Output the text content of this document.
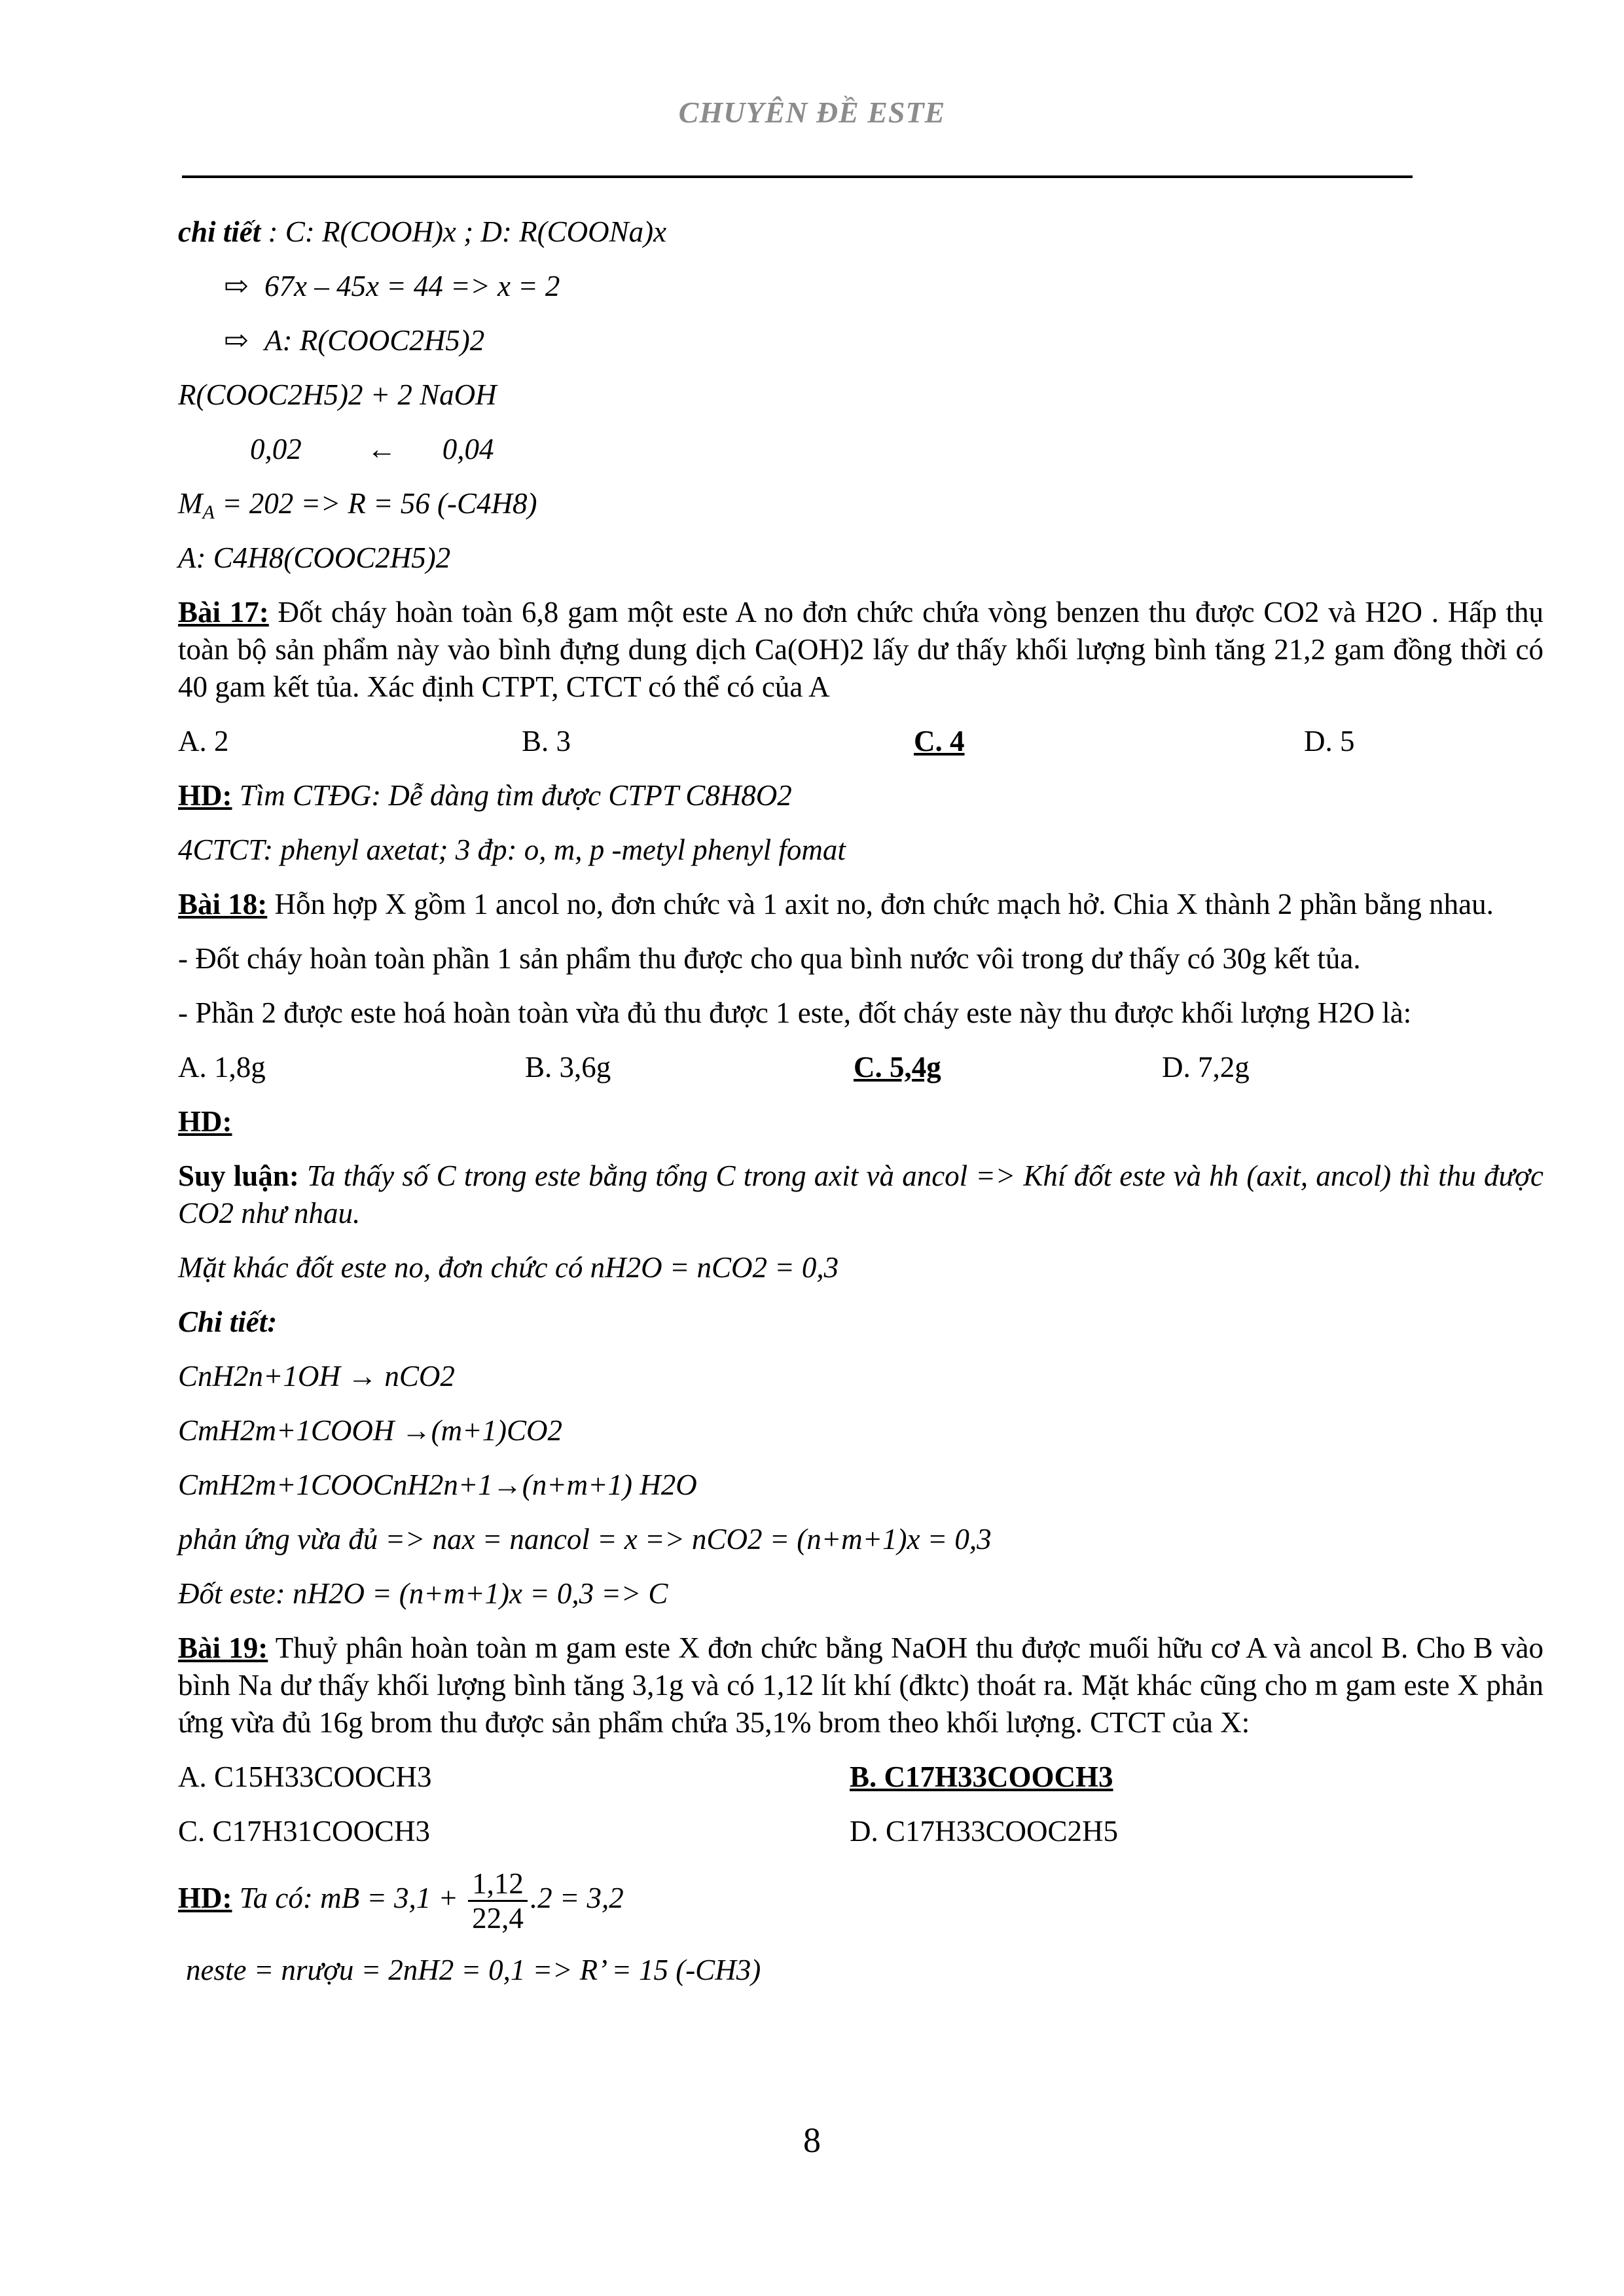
CHUYÊN ĐỀ ESTE
chi tiết : C: R(COOH)x ; D: R(COONa)x
⇨ 67x – 45x = 44 => x = 2
⇨ A: R(COOC2H5)2
R(COOC2H5)2 + 2 NaOH
0,02 ← 0,04
$M_A = 202 => R = 56$ (-C4H8)
A: C4H8(COOC2H5)2
Bài 17: Đốt cháy hoàn toàn 6,8 gam một este A no đơn chức chứa vòng benzen thu được CO2 và H2O . Hấp thụ toàn bộ sản phẩm này vào bình đựng dung dịch Ca(OH)2 lấy dư thấy khối lượng bình tăng 21,2 gam đồng thời có 40 gam kết tủa. Xác định CTPT, CTCT có thể có của A
A. 2	B. 3	C. 4	D. 5
HD: Tìm CTĐG: Dễ dàng tìm được CTPT C8H8O2
4CTCT: phenyl axetat; 3 đp: o, m, p -metyl phenyl fomat
Bài 18: Hỗn hợp X gồm 1 ancol no, đơn chức và 1 axit no, đơn chức mạch hở. Chia X thành 2 phần bằng nhau.
- Đốt cháy hoàn toàn phần 1 sản phẩm thu được cho qua bình nước vôi trong dư thấy có 30g kết tủa.
- Phần 2 được este hoá hoàn toàn vừa đủ thu được 1 este, đốt cháy este này thu được khối lượng H2O là:
A. 1,8g	B. 3,6g	C. 5,4g	D. 7,2g
HD:
Suy luận: Ta thấy số C trong este bằng tổng C trong axit và ancol => Khí đốt este và hh (axit, ancol) thì thu được CO2 như nhau.
Mặt khác đốt este no, đơn chức có nH2O = nCO2 = 0,3
Chi tiết:
CnH2n+1OH → nCO2
CmH2m+1COOH →(m+1)CO2
CmH2m+1COOCnH2n+1→(n+m+1) H2O
phản ứng vừa đủ => nax = nancol = x => nCO2 = (n+m+1)x = 0,3
Đốt este: nH2O = (n+m+1)x = 0,3 => C
Bài 19: Thuỷ phân hoàn toàn m gam este X đơn chức bằng NaOH thu được muối hữu cơ A và ancol B. Cho B vào bình Na dư thấy khối lượng bình tăng 3,1g và có 1,12 lít khí (đktc) thoát ra. Mặt khác cũng cho m gam este X phản ứng vừa đủ 16g brom thu được sản phẩm chứa 35,1% brom theo khối lượng. CTCT của X:
A. C15H33COOCH3	B. C17H33COOCH3
C. C17H31COOCH3	D. C17H33COOC2H5
HD: Ta có: mB = $3,1 + \frac{1,12}{22,4} .2 = 3,2$
neste = nrượu = 2nH2 = 0,1 => R’ = 15 (-CH3)
8
